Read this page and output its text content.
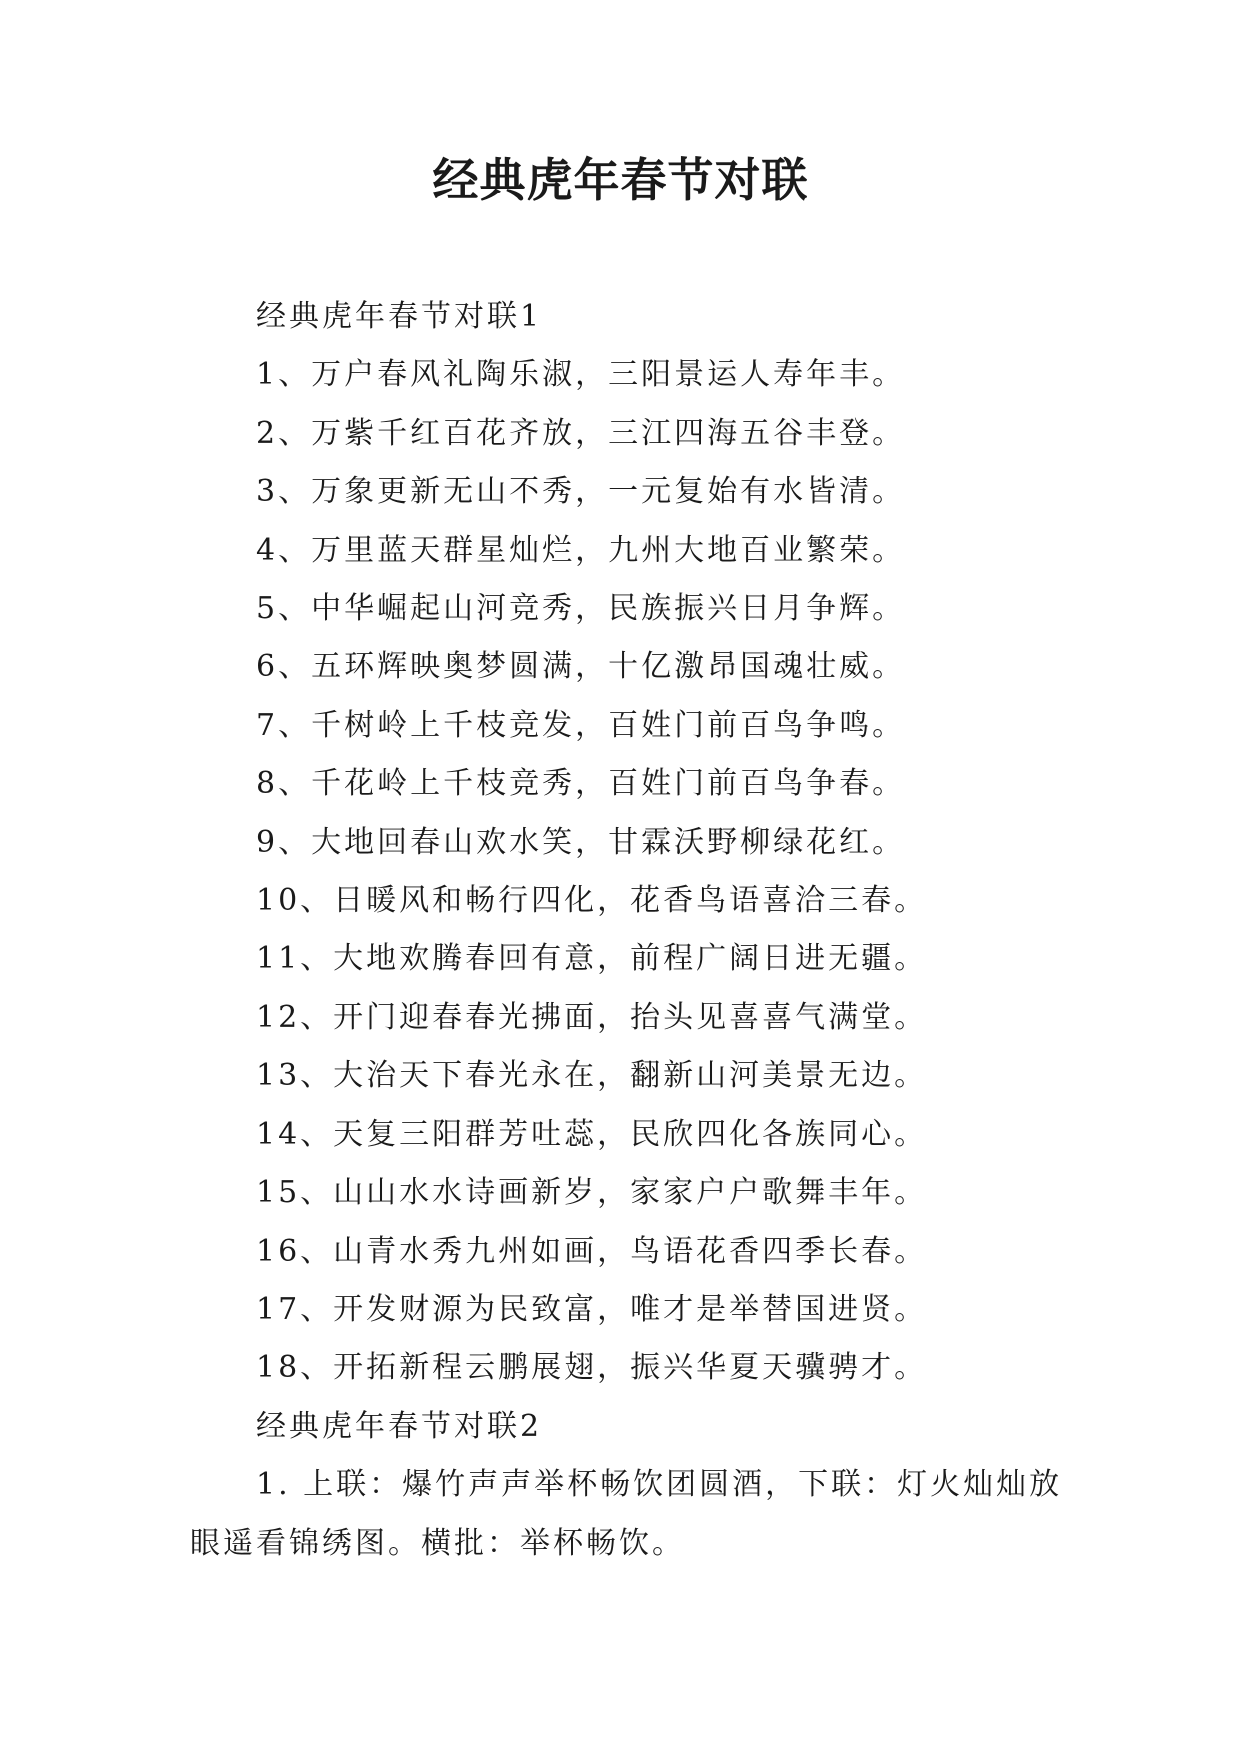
经典虎年春节对联

经典虎年春节对联1

1、万户春风礼陶乐淑，三阳景运人寿年丰。

2、万紫千红百花齐放，三江四海五谷丰登。

3、万象更新无山不秀，一元复始有水皆清。

4、万里蓝天群星灿烂，九州大地百业繁荣。

5、中华崛起山河竞秀，民族振兴日月争辉。

6、五环辉映奥梦圆满，十亿激昂国魂壮威。

7、千树岭上千枝竞发，百姓门前百鸟争鸣。

8、千花岭上千枝竞秀，百姓门前百鸟争春。

9、大地回春山欢水笑，甘霖沃野柳绿花红。

10、日暖风和畅行四化，花香鸟语喜洽三春。

11、大地欢腾春回有意，前程广阔日进无疆。

12、开门迎春春光拂面，抬头见喜喜气满堂。

13、大治天下春光永在，翻新山河美景无边。

14、天复三阳群芳吐蕊，民欣四化各族同心。

15、山山水水诗画新岁，家家户户歌舞丰年。

16、山青水秀九州如画，鸟语花香四季长春。

17、开发财源为民致富，唯才是举替国进贤。

18、开拓新程云鹏展翅，振兴华夏天骥骋才。

经典虎年春节对联2

1. 上联：爆竹声声举杯畅饮团圆酒，下联：灯火灿灿放眼遥看锦绣图。横批：举杯畅饮。
